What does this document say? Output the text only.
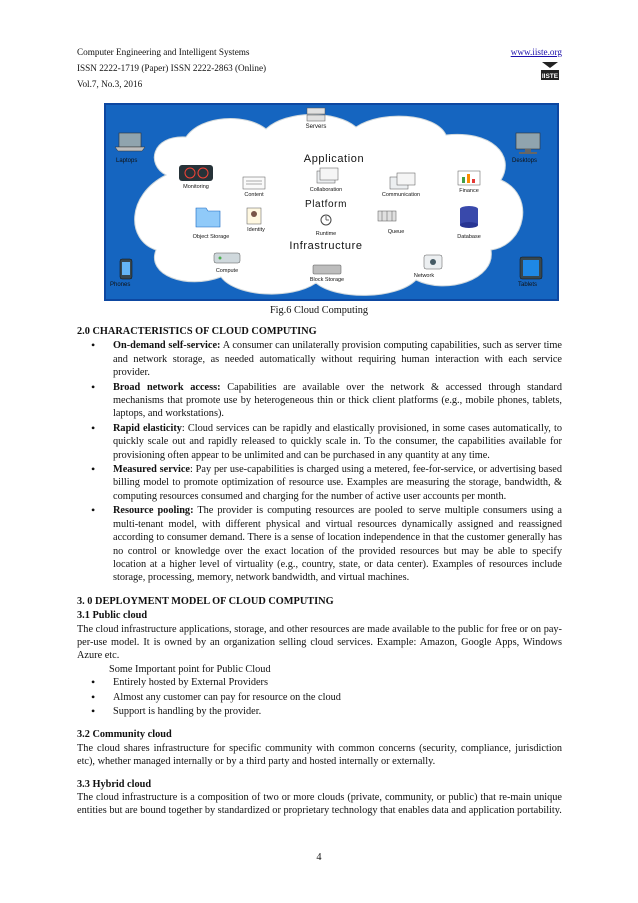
Computer Engineering and Intelligent Systems
ISSN 2222-1719 (Paper) ISSN 2222-2863 (Online)
Vol.7, No.3, 2016
www.iiste.org
IISTE
Servers
Laptops	Desktops
Phones	Tablets
Application
Platform
Infrastructure
Monitoring
Content
Collaboration
Communication
Finance
Object Storage
Identity
Runtime	Queue
Database
Compute
Block Storage
Network
Fig.6 Cloud Computing
2.0 CHARACTERISTICS OF CLOUD COMPUTING
• On-demand self-service: A consumer can unilaterally provision computing capabilities, such as server time and network storage, as needed automatically without requiring human interaction with each service provider.
• Broad network access: Capabilities are available over the network & accessed through standard mechanisms that promote use by heterogeneous thin or thick client platforms (e.g., mobile phones, tablets, laptops, and workstations).
• Rapid elasticity: Cloud services can be rapidly and elastically provisioned, in some cases automatically, to quickly scale out and rapidly released to quickly scale in. To the consumer, the capabilities available for provisioning often appear to be unlimited and can be purchased in any quantity at any time.
• Measured service: Pay per use-capabilities is charged using a metered, fee-for-service, or advertising based billing model to promote optimization of resource use. Examples are measuring the storage, bandwidth, & computing resources consumed and charging for the number of active user accounts per month.
• Resource pooling: The provider is computing resources are pooled to serve multiple consumers using a multi-tenant model, with different physical and virtual resources dynamically assigned and reassigned according to consumer demand. There is a sense of location independence in that the customer generally has no control or knowledge over the exact location of the provided resources but may be able to specify location at a higher level of virtuality (e.g., country, state, or data center). Examples of resources include storage, processing, memory, network bandwidth, and virtual machines.
3. 0 DEPLOYMENT MODEL OF CLOUD COMPUTING
3.1 Public cloud

The cloud infrastructure applications, storage, and other resources are made available to the public for free or on pay-per-use model. It is owned by an organization selling cloud services. Example: Amazon, Google Apps, Windows Azure etc.

Some Important point for Public Cloud

• Entirely hosted by External Providers
• Almost any customer can pay for resource on the cloud
• Support is handling by the provider.
3.2 Community cloud

The cloud shares infrastructure for specific community with common concerns (security, compliance, jurisdiction etc), whether managed internally or by a third party and hosted internally or externally.

3.3 Hybrid cloud

The cloud infrastructure is a composition of two or more clouds (private, community, or public) that re-main unique entities but are bound together by standardized or proprietary technology that enables data and application portability.

4
